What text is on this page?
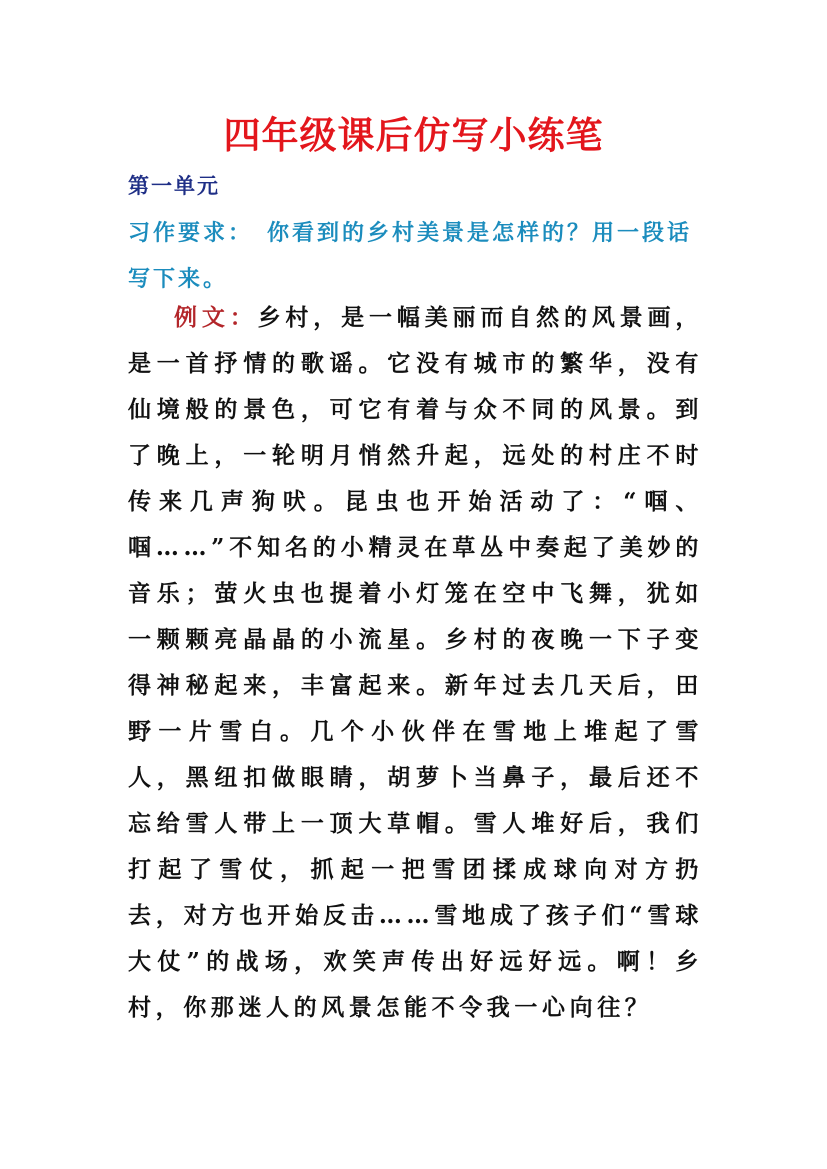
四年级课后仿写小练笔

第一单元

习作要求： 你看到的乡村美景是怎样的？用一段话写下来。

例文：乡村，是一幅美丽而自然的风景画，是一首抒情的歌谣。它没有城市的繁华，没有仙境般的景色，可它有着与众不同的风景。到了晚上，一轮明月悄然升起，远处的村庄不时传来几声狗吠。昆虫也开始活动了：“啯、啯……”不知名的小精灵在草丛中奏起了美妙的音乐；萤火虫也提着小灯笼在空中飞舞，犹如一颗颗亮晶晶的小流星。乡村的夜晚一下子变得神秘起来，丰富起来。新年过去几天后，田野一片雪白。几个小伙伴在雪地上堆起了雪人，黑纽扣做眼睛，胡萝卜当鼻子，最后还不忘给雪人带上一顶大草帽。雪人堆好后，我们打起了雪仗，抓起一把雪团揉成球向对方扔去，对方也开始反击……雪地成了孩子们“雪球大仗”的战场，欢笑声传出好远好远。啊！乡村，你那迷人的风景怎能不令我一心向往？
